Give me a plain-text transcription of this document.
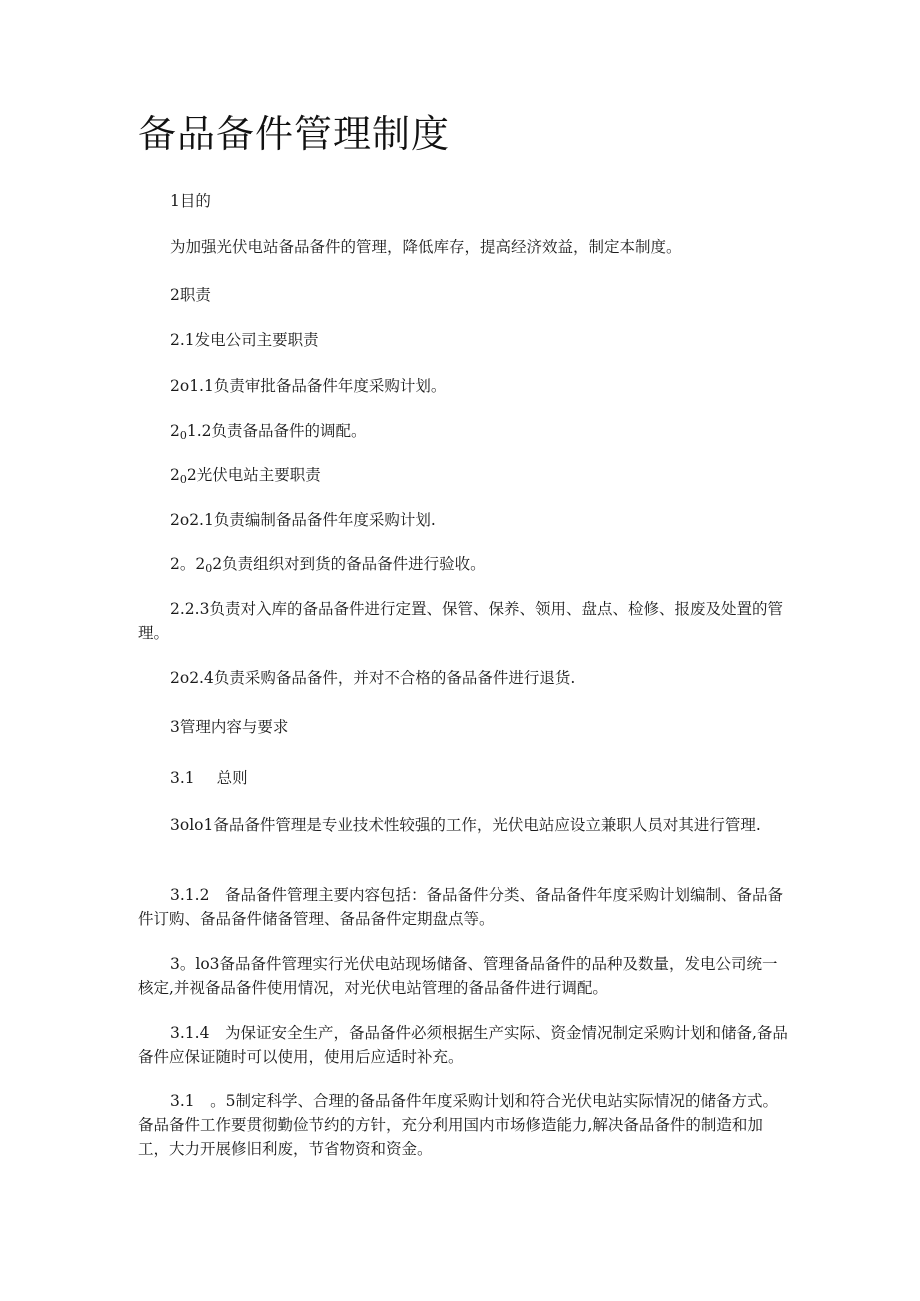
备品备件管理制度

1目的

为加强光伏电站备品备件的管理，降低库存，提高经济效益，制定本制度。

2职责

2.1发电公司主要职责

2o1.1负责审批备品备件年度采购计划。

$2_01.2$负责备品备件的调配。

$2_02$光伏电站主要职责

2o2.1负责编制备品备件年度采购计划.

2。$2_02$负责组织对到货的备品备件进行验收。

2.2.3负责对入库的备品备件进行定置、保管、保养、领用、盘点、检修、报废及处置的管理。

2o2.4负责采购备品备件，并对不合格的备品备件进行退货.

3管理内容与要求

3.1 总则

3olo1备品备件管理是专业技术性较强的工作，光伏电站应设立兼职人员对其进行管理.

3.1.2　备品备件管理主要内容包括：备品备件分类、备品备件年度采购计划编制、备品备件订购、备品备件储备管理、备品备件定期盘点等。

3。lo3备品备件管理实行光伏电站现场储备、管理备品备件的品种及数量，发电公司统一核定,并视备品备件使用情况，对光伏电站管理的备品备件进行调配。

3.1.4　为保证安全生产，备品备件必须根据生产实际、资金情况制定采购计划和储备,备品备件应保证随时可以使用，使用后应适时补充。

3.1　。5制定科学、合理的备品备件年度采购计划和符合光伏电站实际情况的储备方式。备品备件工作要贯彻勤俭节约的方针，充分利用国内市场修造能力,解决备品备件的制造和加工，大力开展修旧利废，节省物资和资金。
